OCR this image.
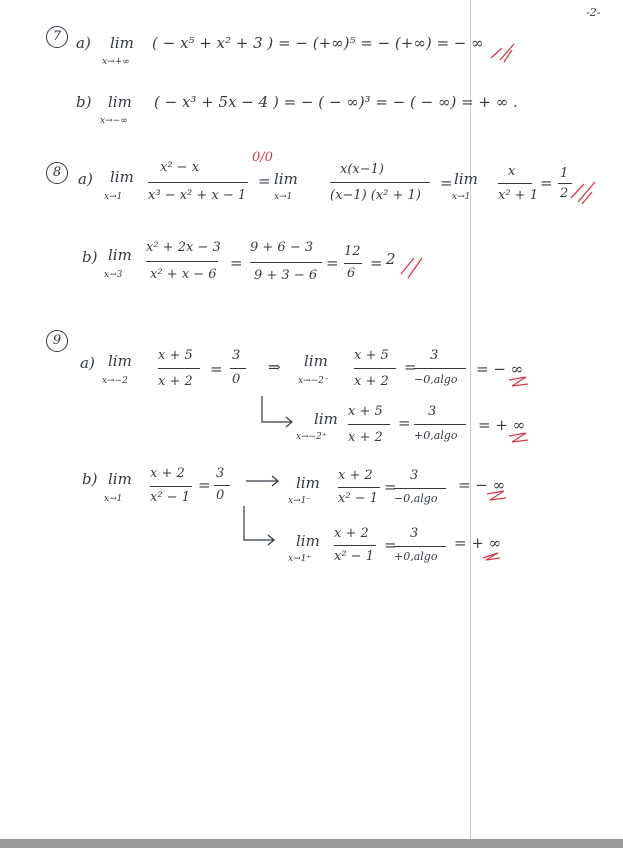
-2-
7 a) lim
x→+∞
( − x⁵ + x² + 3 ) = − (+∞)⁵ = − (+∞) = − ∞
b) lim
x→−∞
( − x³ + 5x − 4 ) = − ( − ∞)³ = − ( − ∞) = + ∞ .
8	a) lim
x→1
x² − x
x³ − x² + x − 1
0/0
= lim
x→1
x(x−1)
(x−1) (x² + 1)
= lim
x→1
x
x² + 1
=
1
2
b) lim
x→3
x² + 2x − 3
x² + x − 6
=
9 + 6 − 3
9 + 3 − 6
=
12
6
= 2
9
a) lim
x→−2
x + 5
x + 2
=
3
0
⇒ lim
x→−2⁻
x + 5
x + 2
=
3
−0,algo
= − ∞
lim
x→−2⁺
x + 5
x + 2
=
3
+0,algo
= + ∞
b) lim
x→1
x + 2
x² − 1
=
3
0
lim
x→1⁻
x + 2
x² − 1
=
3
−0,algo
= − ∞
lim
x→1⁺
x + 2
x² − 1
=
3
+0,algo
= + ∞
